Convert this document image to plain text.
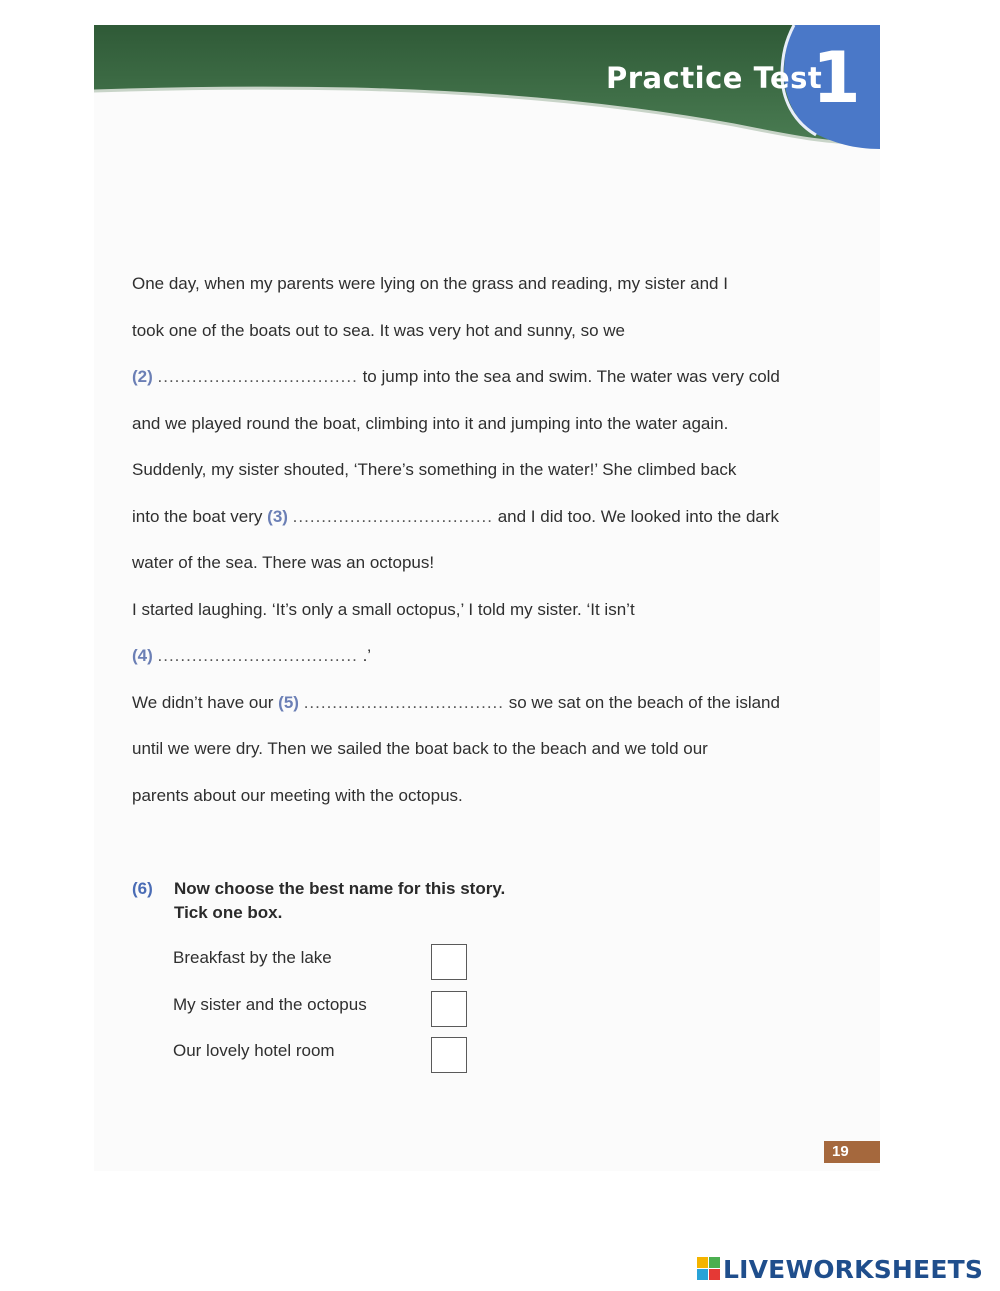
Practice Test
1
One day, when my parents were lying on the grass and reading, my sister and I
took one of the boats out to sea. It was very hot and sunny, so we
(2) ................................... to jump into the sea and swim. The water was very cold
and we played round the boat, climbing into it and jumping into the water again.
Suddenly, my sister shouted, ‘There’s something in the water!’ She climbed back
into the boat very (3) ................................... and I did too. We looked into the dark
water of the sea. There was an octopus!
I started laughing. ‘It’s only a small octopus,’ I told my sister. ‘It isn’t
(4) ................................... .’
We didn’t have our (5) ................................... so we sat on the beach of the island
until we were dry. Then we sailed the boat back to the beach and we told our
parents about our meeting with the octopus.
(6) Now choose the best name for this story.
Tick one box.
Breakfast by the lake
My sister and the octopus
Our lovely hotel room
19
LIVEWORKSHEETS
